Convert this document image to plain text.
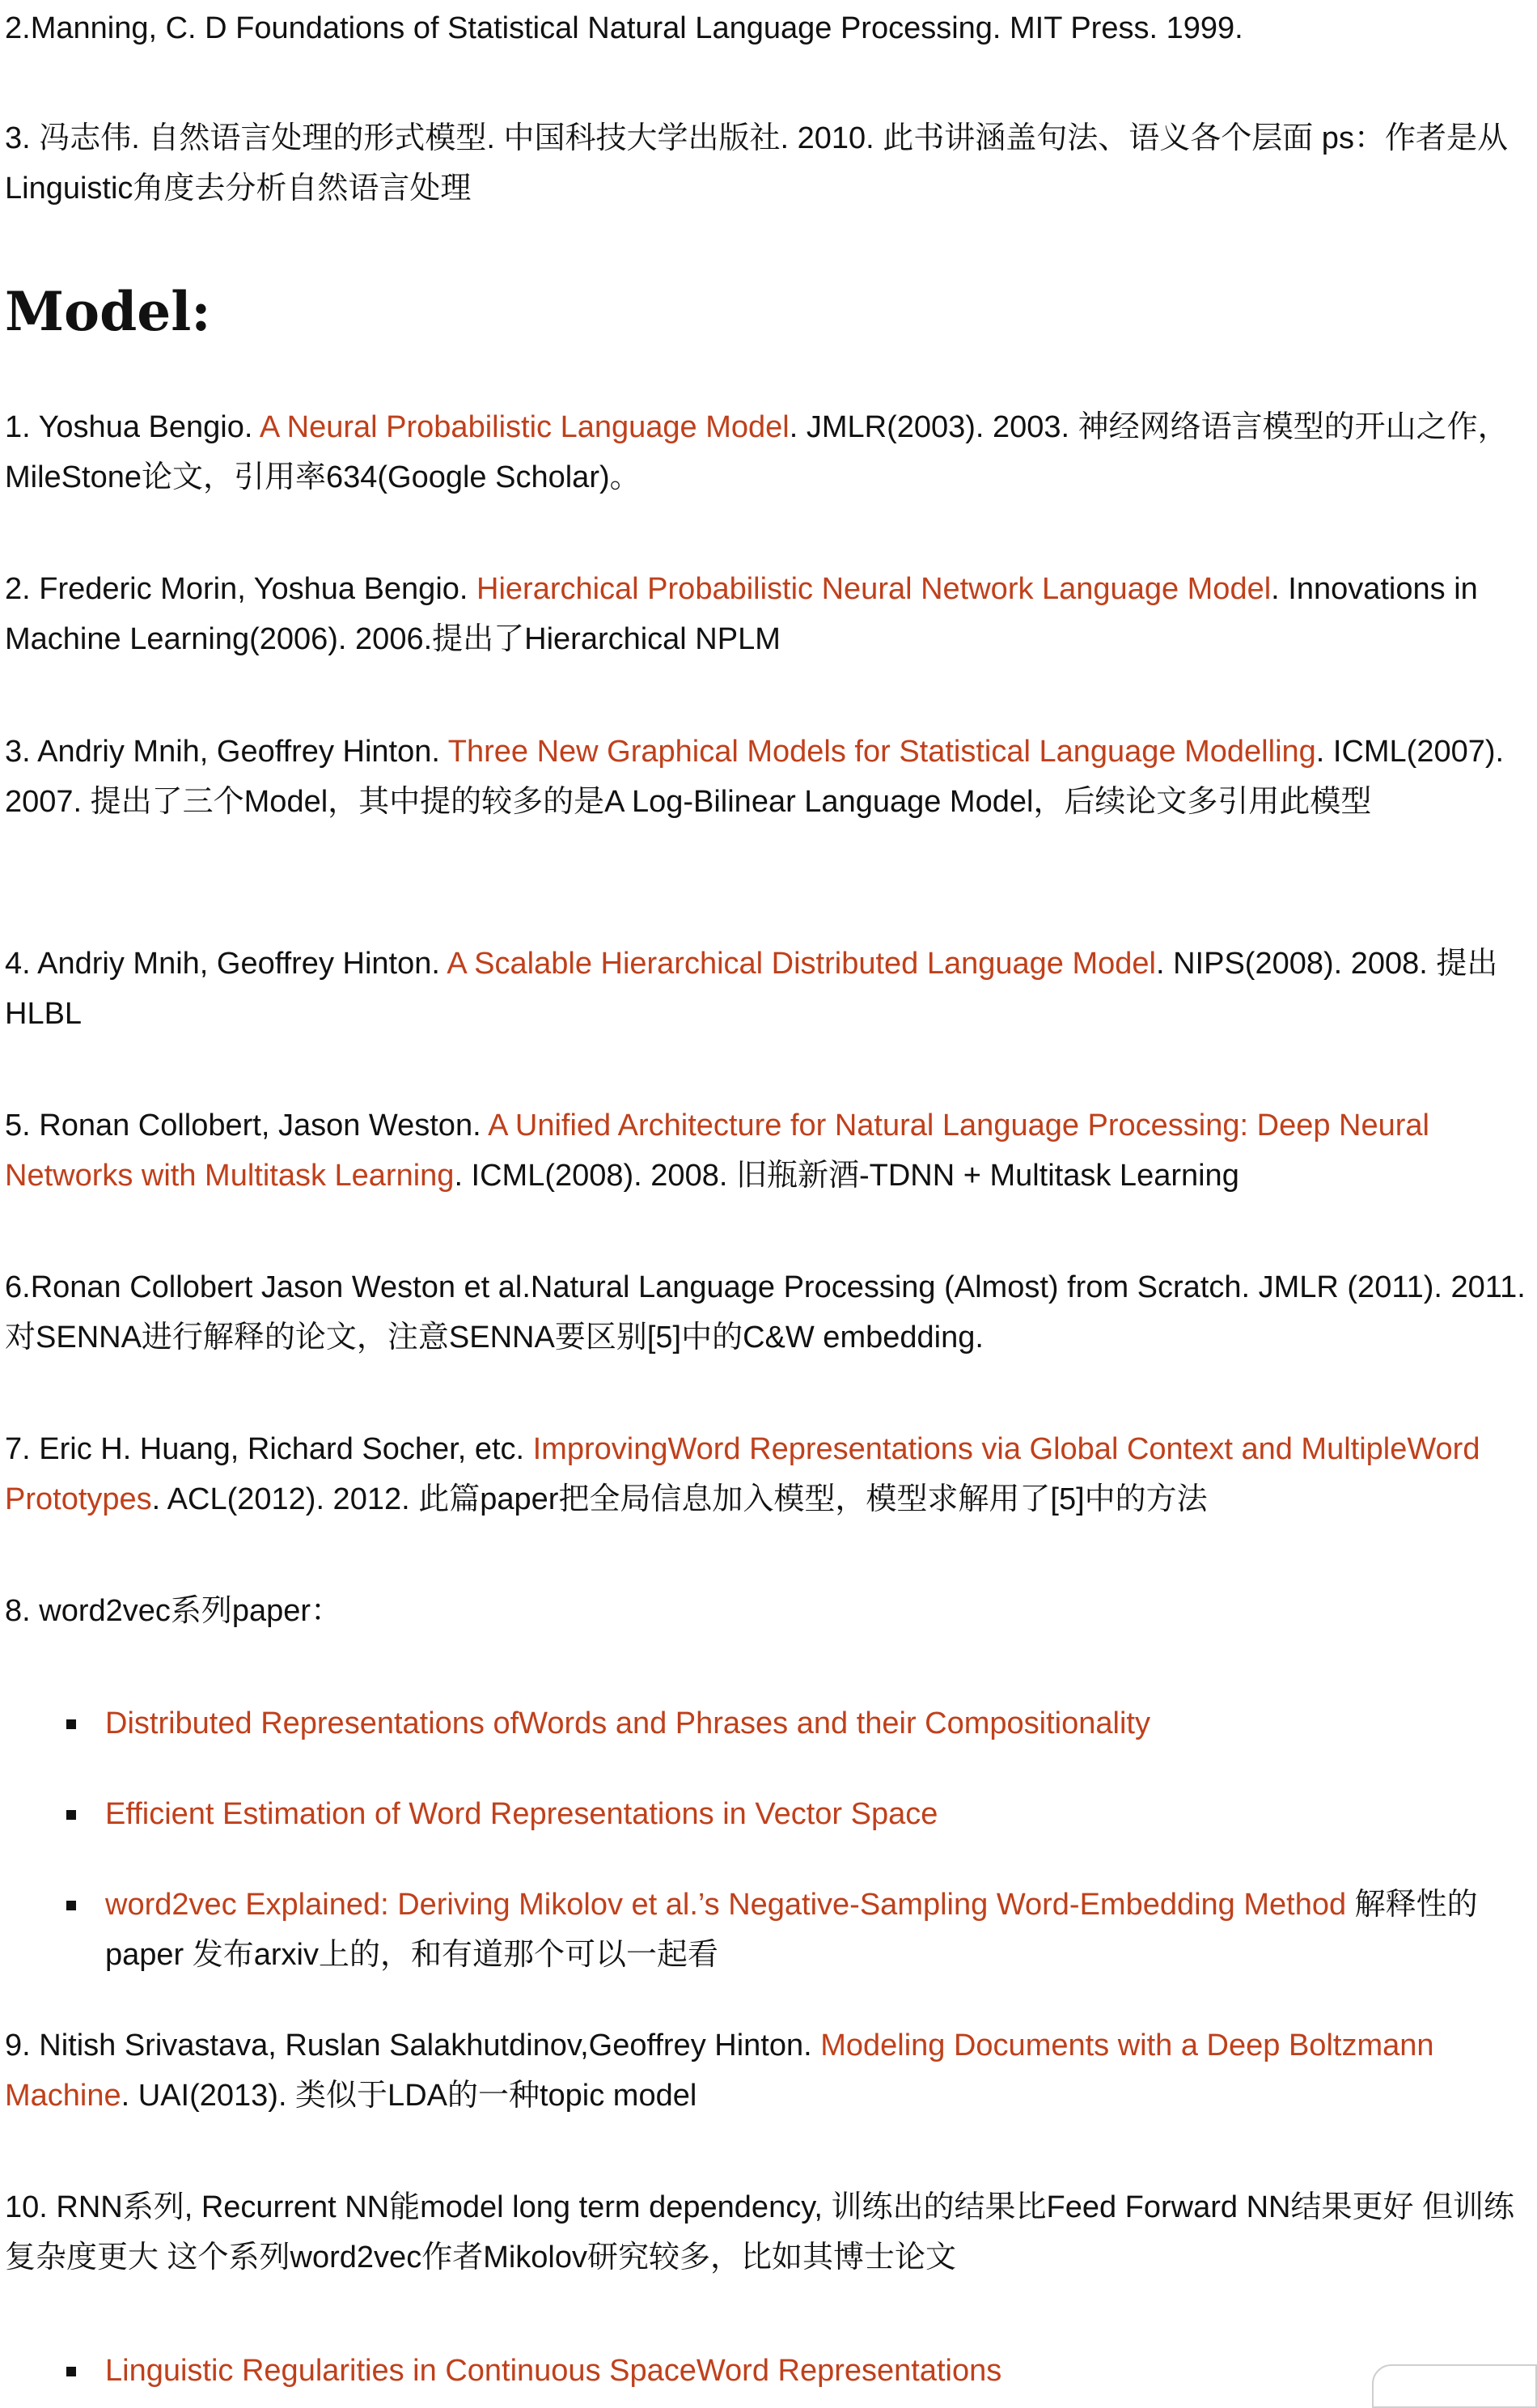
2.Manning, C. D Foundations of Statistical Natural Language Processing. MIT Press. 1999.

3. 冯志伟. 自然语言处理的形式模型. 中国科技大学出版社. 2010. 此书讲涵盖句法、语义各个层面 ps：作者是从Linguistic角度去分析自然语言处理

Model:

1. Yoshua Bengio. A Neural Probabilistic Language Model. JMLR(2003). 2003. 神经网络语言模型的开山之作，MileStone论文，引用率634(Google Scholar)。

2. Frederic Morin, Yoshua Bengio. Hierarchical Probabilistic Neural Network Language Model. Innovations in Machine Learning(2006). 2006.提出了Hierarchical NPLM

3. Andriy Mnih, Geoffrey Hinton. Three New Graphical Models for Statistical Language Modelling. ICML(2007). 2007. 提出了三个Model，其中提的较多的是A Log-Bilinear Language Model，后续论文多引用此模型

4. Andriy Mnih, Geoffrey Hinton. A Scalable Hierarchical Distributed Language Model. NIPS(2008). 2008. 提出HLBL

5. Ronan Collobert, Jason Weston. A Unified Architecture for Natural Language Processing: Deep Neural Networks with Multitask Learning. ICML(2008). 2008. 旧瓶新酒-TDNN + Multitask Learning

6.Ronan Collobert Jason Weston et al.Natural Language Processing (Almost) from Scratch. JMLR (2011). 2011. 对SENNA进行解释的论文，注意SENNA要区别[5]中的C&W embedding.

7. Eric H. Huang, Richard Socher, etc. ImprovingWord Representations via Global Context and MultipleWord Prototypes. ACL(2012). 2012. 此篇paper把全局信息加入模型，模型求解用了[5]中的方法

8. word2vec系列paper：

Distributed Representations ofWords and Phrases and their Compositionality
Efficient Estimation of Word Representations in Vector Space
word2vec Explained: Deriving Mikolov et al.’s Negative-Sampling Word-Embedding Method 解释性的paper 发布arxiv上的，和有道那个可以一起看

9. Nitish Srivastava, Ruslan Salakhutdinov,Geoffrey Hinton. Modeling Documents with a Deep Boltzmann Machine. UAI(2013). 类似于LDA的一种topic model

10. RNN系列, Recurrent NN能model long term dependency, 训练出的结果比Feed Forward NN结果更好 但训练复杂度更大 这个系列word2vec作者Mikolov研究较多，比如其博士论文

Linguistic Regularities in Continuous SpaceWord Representations
